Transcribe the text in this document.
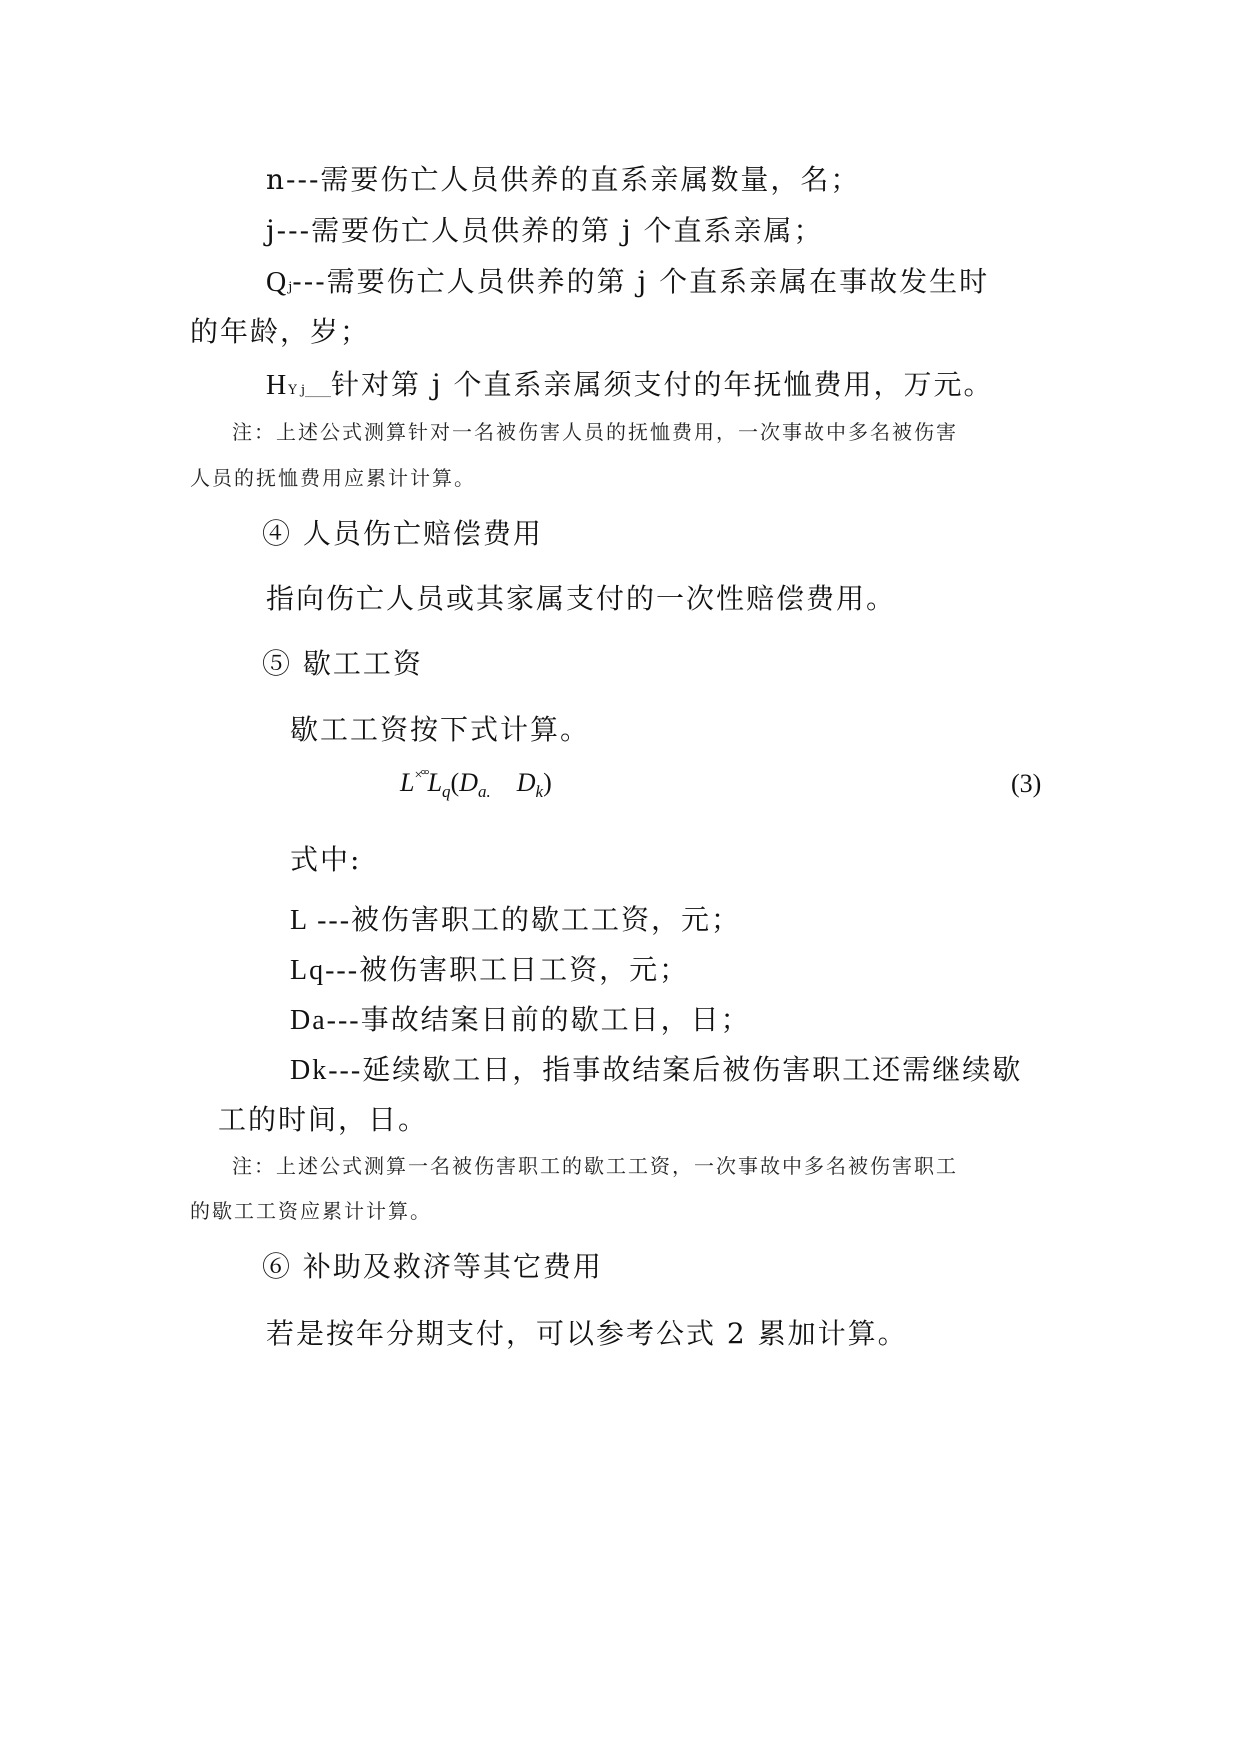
n---需要伤亡人员供养的直系亲属数量，名；
j---需要伤亡人员供养的第 j 个直系亲属；
Qj---需要伤亡人员供养的第 j 个直系亲属在事故发生时
的年龄，岁；
HY j____针对第 j 个直系亲属须支付的年抚恤费用，万元。
注：上述公式测算针对一名被伤害人员的抚恤费用，一次事故中多名被伤害
人员的抚恤费用应累计计算。
④ 人员伤亡赔偿费用
指向伤亡人员或其家属支付的一次性赔偿费用。
⑤ 歇工工资
歇工工资按下式计算。
$L^{\times^\circ^\circ}L_q(D_{a.}$ $D_k$)	(3)
式中:
L ---被伤害职工的歇工工资，元；
Lq---被伤害职工日工资，元；
Da---事故结案日前的歇工日，日；
Dk---延续歇工日，指事故结案后被伤害职工还需继续歇
工的时间，日。
注：上述公式测算一名被伤害职工的歇工工资，一次事故中多名被伤害职工
的歇工工资应累计计算。
⑥ 补助及救济等其它费用
若是按年分期支付，可以参考公式 2 累加计算。
